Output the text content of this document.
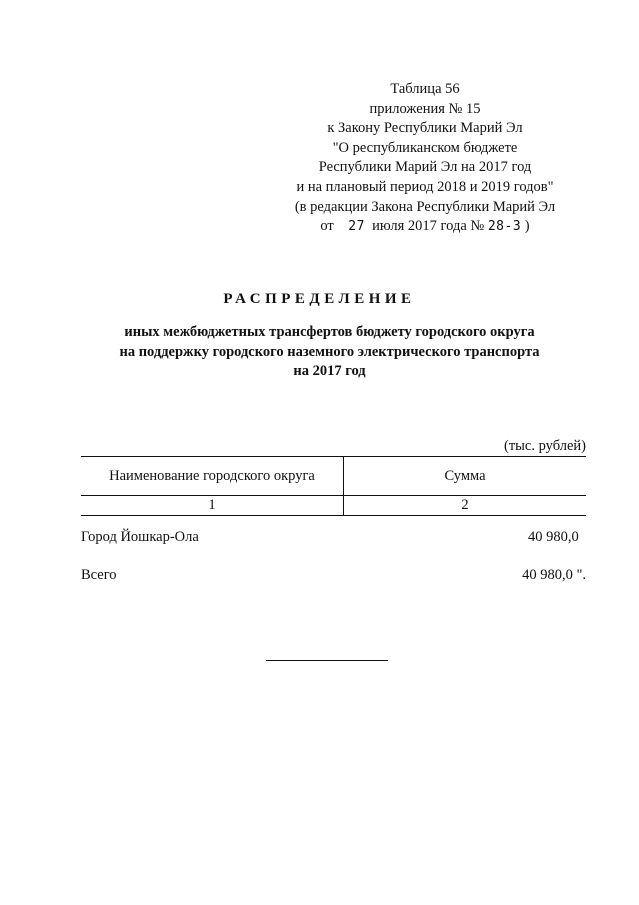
Таблица 56
приложения № 15
к Закону Республики Марий Эл
"О республиканском бюджете
Республики Марий Эл на 2017 год
и на плановый период 2018 и 2019 годов"
(в редакции Закона Республики Марий Эл
от 27 июля 2017 года № 28-З )
РАСПРЕДЕЛЕНИЕ
иных межбюджетных трансфертов бюджету городского округа
на поддержку городского наземного электрического транспорта
на 2017 год
(тыс. рублей)
Наименование городского округа	Сумма
1	2
Город Йошкар-Ола	40 980,0
Всего	40 980,0 ".
